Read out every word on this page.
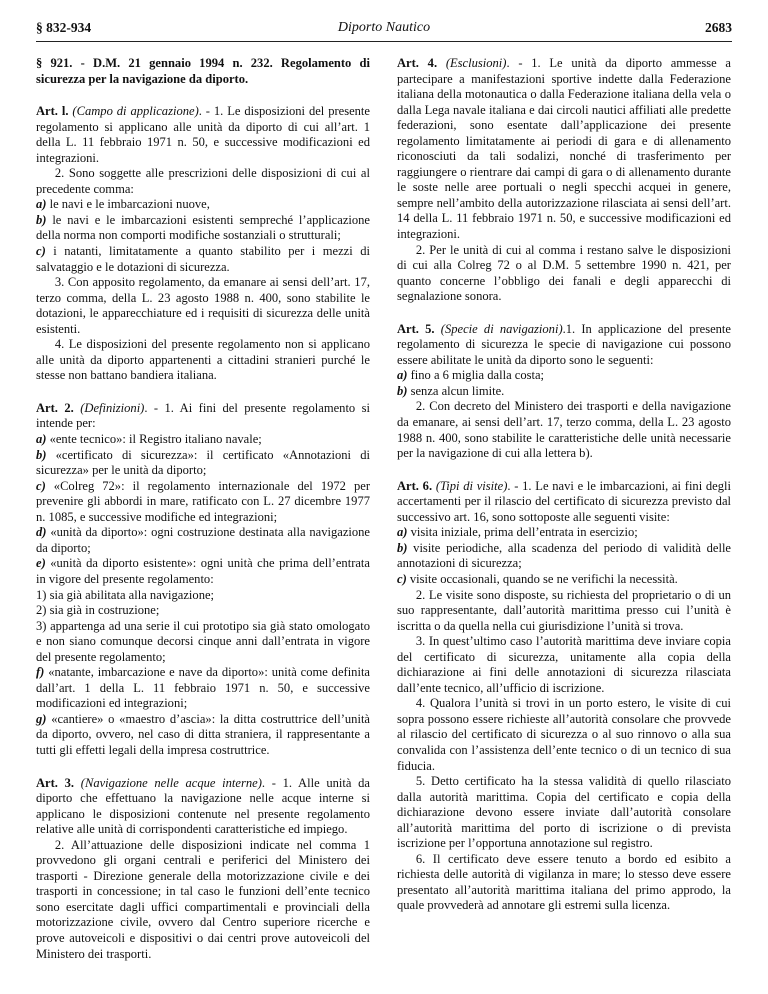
§ 832-934	Diporto Nautico	2683

§ 921. - D.M. 21 gennaio 1994 n. 232. Regolamento di sicurezza per la navigazione da diporto.

Art. l. (Campo di applicazione). - 1. Le disposizioni del presente regolamento si applicano alle unità da diporto di cui all’art. 1 della L. 11 febbraio 1971 n. 50, e successive modificazioni ed integrazioni.

2. Sono soggette alle prescrizioni delle disposizioni di cui al precedente comma:

a) le navi e le imbarcazioni nuove,

b) le navi e le imbarcazioni esistenti sempreché l’applicazione della norma non comporti modifiche sostanziali o strutturali;

c) i natanti, limitatamente a quanto stabilito per i mezzi di salvataggio e le dotazioni di sicurezza.

3. Con apposito regolamento, da emanare ai sensi dell’art. 17, terzo comma, della L. 23 agosto 1988 n. 400, sono stabilite le dotazioni, le apparecchiature ed i requisiti di sicurezza delle unità esistenti.

4. Le disposizioni del presente regolamento non si applicano alle unità da diporto appartenenti a cittadini stranieri purché le stesse non battano bandiera italiana.

Art. 2. (Definizioni). - 1. Ai fini del presente regolamento si intende per:

a) «ente tecnico»: il Registro italiano navale;

b) «certificato di sicurezza»: il certificato «Annotazioni di sicurezza» per le unità da diporto;

c) «Colreg 72»: il regolamento internazionale del 1972 per prevenire gli abbordi in mare, ratificato con L. 27 dicembre 1977 n. 1085, e successive modifiche ed integrazioni;

d) «unità da diporto»: ogni costruzione destinata alla navigazione da diporto;

e) «unità da diporto esistente»: ogni unità che prima dell’entrata in vigore del presente regolamento:

1) sia già abilitata alla navigazione;

2) sia già in costruzione;

3) appartenga ad una serie il cui prototipo sia già stato omologato e non siano comunque decorsi cinque anni dall’entrata in vigore del presente regolamento;

f) «natante, imbarcazione e nave da diporto»: unità come definita dall’art. 1 della L. 11 febbraio 1971 n. 50, e successive modificazioni ed integrazioni;

g) «cantiere» o «maestro d’ascia»: la ditta costruttrice dell’unità da diporto, ovvero, nel caso di ditta straniera, il rappresentante a tutti gli effetti legali della impresa costruttrice.

Art. 3. (Navigazione nelle acque interne). - 1. Alle unità da diporto che effettuano la navigazione nelle acque interne si applicano le disposizioni contenute nel presente regolamento relative alle unità di corrispondenti caratteristiche ed impiego.

2. All’attuazione delle disposizioni indicate nel comma 1 provvedono gli organi centrali e periferici del Ministero dei trasporti - Direzione generale della motorizzazione civile e dei trasporti in concessione; in tal caso le funzioni dell’ente tecnico sono esercitate dagli uffici compartimentali e provinciali della motorizzazione civile, ovvero dal Centro superiore ricerche e prove autoveicoli e dispositivi o dai centri prove autoveicoli del Ministero dei trasporti.

Art. 4. (Esclusioni). - 1. Le unità da diporto ammesse a partecipare a manifestazioni sportive indette dalla Federazione italiana della motonautica o dalla Federazione italiana della vela o dalla Lega navale italiana e dai circoli nautici affiliati alle predette federazioni, sono esentate dall’applicazione dei presente regolamento limitatamente ai periodi di gara e di allenamento riconosciuti da tali sodalizi, nonché di trasferimento per raggiungere o rientrare dai campi di gara o di allenamento durante le soste nelle aree portuali o negli specchi acquei in genere, sempre nell’ambito della autorizzazione rilasciata ai sensi dell’art. 14 della L. 11 febbraio 1971 n. 50, e successive modificazioni ed integrazioni.

2. Per le unità di cui al comma i restano salve le disposizioni di cui alla Colreg 72 o al D.M. 5 settembre 1990 n. 421, per quanto concerne l’obbligo dei fanali e degli apparecchi di segnalazione sonora.

Art. 5. (Specie di navigazioni).1. In applicazione del presente regolamento di sicurezza le specie di navigazione cui possono essere abilitate le unità da diporto sono le seguenti:

a) fino a 6 miglia dalla costa;

b) senza alcun limite.

2. Con decreto del Ministero dei trasporti e della navigazione da emanare, ai sensi dell’art. 17, terzo comma, della L. 23 agosto 1988 n. 400, sono stabilite le caratteristiche delle unità necessarie per la navigazione di cui alla lettera b).

Art. 6. (Tipi di visite). - 1. Le navi e le imbarcazioni, ai fini degli accertamenti per il rilascio del certificato di sicurezza previsto dal successivo art. 16, sono sottoposte alle seguenti visite:

a) visita iniziale, prima dell’entrata in esercizio;

b) visite periodiche, alla scadenza del periodo di validità delle annotazioni di sicurezza;

c) visite occasionali, quando se ne verifichi la necessità.

2. Le visite sono disposte, su richiesta del proprietario o di un suo rappresentante, dall’autorità marittima presso cui l’unità è iscritta o da quella nella cui giurisdizione l’unità si trova.

3. In quest’ultimo caso l’autorità marittima deve inviare copia del certificato di sicurezza, unitamente alla copia della dichiarazione ai fini delle annotazioni di sicurezza rilasciata dall’ente tecnico, all’ufficio di iscrizione.

4. Qualora l’unità si trovi in un porto estero, le visite di cui sopra possono essere richieste all’autorità consolare che provvede al rilascio del certificato di sicurezza o al suo rinnovo o alla sua convalida con l’assistenza dell’ente tecnico o di un tecnico di sua fiducia.

5. Detto certificato ha la stessa validità di quello rilasciato dalla autorità marittima. Copia del certificato e copia della dichiarazione devono essere inviate dall’autorità consolare all’autorità marittima del porto di iscrizione o di prevista iscrizione per l’opportuna annotazione sul registro.

6. Il certificato deve essere tenuto a bordo ed esibito a richiesta delle autorità di vigilanza in mare; lo stesso deve essere presentato all’autorità marittima italiana del primo approdo, la quale provvederà ad annotare gli estremi sulla licenza.
